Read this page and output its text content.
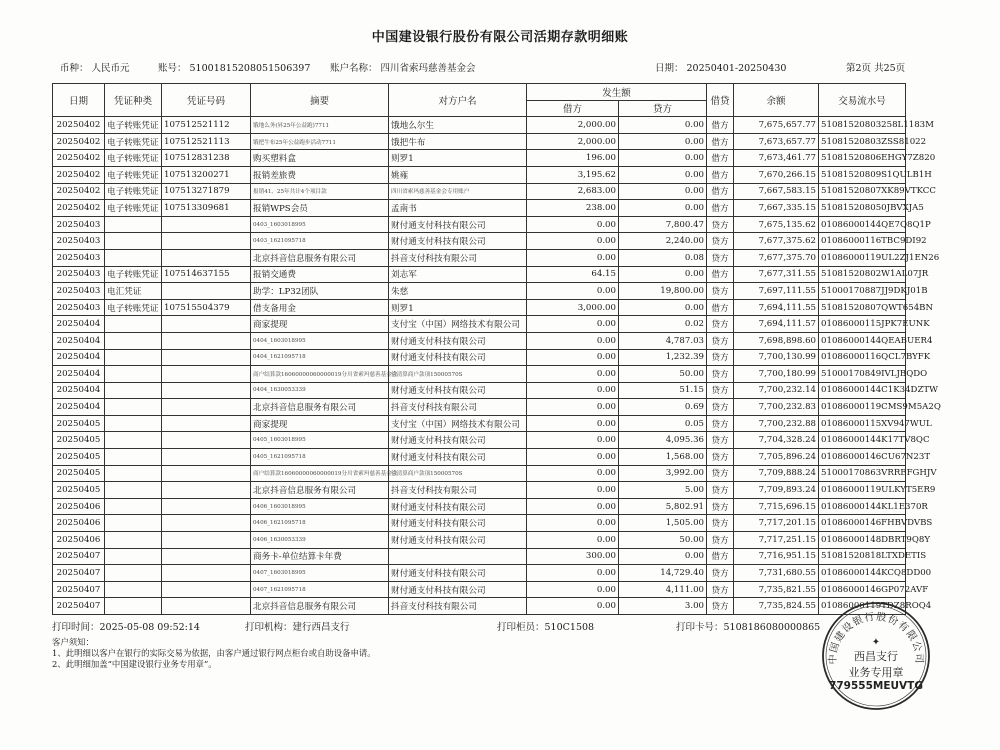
中国建设银行股份有限公司活期存款明细账
币种： 人民币元	账号： 51001815208051506397 账户名称： 四川省索玛慈善基金会	日期： 20250401-20250430	第2页 共25页
日期	凭证种类	凭证号码	摘要	对方户名	发生额		借贷	余额	交易流水号
					借方	贷方			
20250402	电子转账凭证	107512521112	饿地么务(昇25年公益跑)7711	饿地么尔生	2,000.00	0.00	借方	7,675,657.77	51081520803258L1183M
20250402	电子转账凭证	107512521113	饿把牛布25年公益跑步活动7711	饿把牛布	2,000.00	0.00	借方	7,673,657.77	51081520803ZSS81022
20250402	电子转账凭证	107512831238	购买塑料盒	则罗1	196.00	0.00	借方	7,673,461.77	51081520806EHGY7Z820
20250402	电子转账凭证	107513200271	报销差旅费	姚雍	3,195.62	0.00	借方	7,670,266.15	51081520809S1QULB1H
20250402	电子转账凭证	107513271879	报销41、25年共计4个项目款	四川省索玛慈善基金会专用账户	2,683.00	0.00	借方	7,667,583.15	51081520807XK89VTKCC
20250402	电子转账凭证	107513309681	报销WPS会员	孟南书	238.00	0.00	借方	7,667,335.15	510815208050JBVXJA5
20250403			0403_1603018995	财付通支付科技有限公司	0.00	7,800.47	贷方	7,675,135.62	01086000144QE7Q8Q1P
20250403			0403_1621095718	财付通支付科技有限公司	0.00	2,240.00	贷方	7,677,375.62	01086000116TBC9DI92
20250403			北京抖音信息服务有限公司	抖音支付科技有限公司	0.00	0.08	贷方	7,677,375.70	01086000119UL2ZJ1EN26
20250403	电子转账凭证	107514637155	报销交通费	刘志军	64.15	0.00	借方	7,677,311.55	51081520802W1AL07JR
20250403	电汇凭证		助学：LP32团队	朱慈	0.00	19,800.00	贷方	7,697,111.55	51000170887JJ9DKJ01B
20250403	电子转账凭证	107515504379	借支备用金	则罗1	3,000.00	0.00	借方	7,694,111.55	51081520807QWT654BN
20250404			商家提现	支付宝（中国）网络技术有限公司	0.00	0.02	贷方	7,694,111.57	01086000115JPK7EUNK
20250404			0404_1603018995	财付通支付科技有限公司	0.00	4,787.03	贷方	7,698,898.60	01086000144QEABUER4
20250404			0404_1621095718	财付通支付科技有限公司	0.00	1,232.39	贷方	7,700,130.99	01086000116QCL7BYFK
20250404			商户结算款16060000060000019分川省索玛慈善基金会	待清算商户款项15000570S	0.00	50.00	贷方	7,700,180.99	51000170849IVLJBQDO
20250404			0404_1630053339	财付通支付科技有限公司	0.00	51.15	贷方	7,700,232.14	01086000144C1K34DZTW
20250404			北京抖音信息服务有限公司	抖音支付科技有限公司	0.00	0.69	贷方	7,700,232.83	01086000119CMS9M5A2Q
20250405			商家提现	支付宝（中国）网络技术有限公司	0.00	0.05	贷方	7,700,232.88	01086000115XV947WUL
20250405			0405_1603018995	财付通支付科技有限公司	0.00	4,095.36	贷方	7,704,328.24	01086000144K17TV8QC
20250405			0405_1621095718	财付通支付科技有限公司	0.00	1,568.00	贷方	7,705,896.24	01086000146CU67N23T
20250405			商户结算款16060000060000019分川省索玛慈善基金会	待清算商户款项15000570S	0.00	3,992.00	贷方	7,709,888.24	51000170863VRREFGHJV
20250405			北京抖音信息服务有限公司	抖音支付科技有限公司	0.00	5.00	贷方	7,709,893.24	01086000119ULKYT5ER9
20250406			0406_1603018995	财付通支付科技有限公司	0.00	5,802.91	贷方	7,715,696.15	01086000144KL1E370R
20250406			0406_1621095718	财付通支付科技有限公司	0.00	1,505.00	贷方	7,717,201.15	01086000146FHBVDVBS
20250406			0406_1630053339	财付通支付科技有限公司	0.00	50.00	贷方	7,717,251.15	01086000148DBRT9Q8Y
20250407			商务卡-单位结算卡年费		300.00	0.00	借方	7,716,951.15	51081520818LTXDETIS
20250407			0407_1603018995	财付通支付科技有限公司	0.00	14,729.40	贷方	7,731,680.55	01086000144KCQ8DD00
20250407			0407_1621095718	财付通支付科技有限公司	0.00	4,111.00	贷方	7,735,821.55	01086000146GP072AVF
20250407			北京抖音信息服务有限公司	抖音支付科技有限公司	0.00	3.00	贷方	7,735,824.55	01086000119TDZ8ROQ4
打印时间：2025-05-08 09:52:14	打印机构：建行西昌支行	打印柜员：510C1508	打印卡号：5108186080000865
客户须知：
1、此明细以客户在银行的实际交易为依据，由客户通过银行网点柜台或自助设备申请。
2、此明细加盖“中国建设银行业务专用章”。	中国建设银行股份有限公司
✦
西昌支行
业务专用章
779555MEUVTG
